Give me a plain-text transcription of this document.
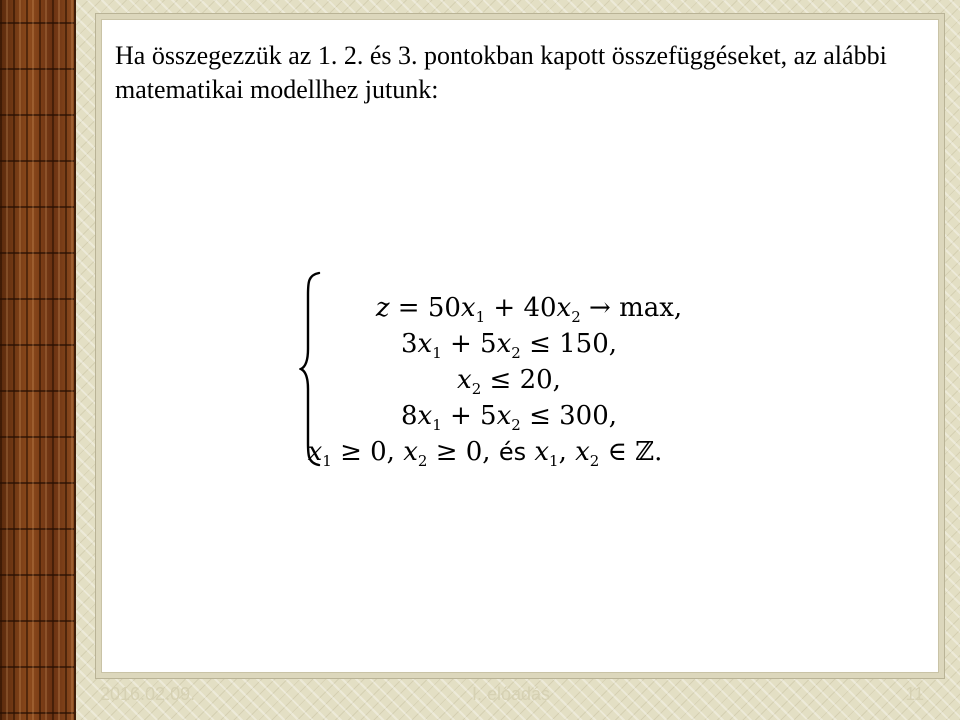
Ha összegezzük az 1. 2. és 3. pontokban kapott összefüggéseket, az alábbi matematikai modellhez jutunk:

$z = 50x_1 + 40x_2 \to \max$,
$3x_1 + 5x_2 \le 150$,
$x_2 \le 20$,
$8x_1 + 5x_2 \le 300$,
$x_1 \ge 0$, $x_2 \ge 0$, és $x_1$, $x_2$ ∈ ℤ.
2016.02.09.	I. előadás	11
